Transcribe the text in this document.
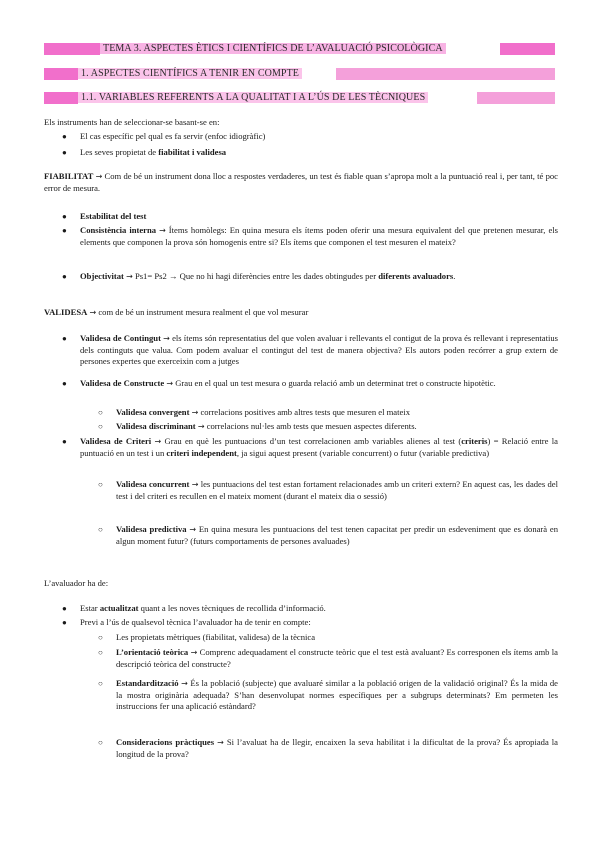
TEMA 3. ASPECTES ÈTICS I CIENTÍFICS DE L’AVALUACIÓ PSICOLÒGICA
1. ASPECTES CIENTÍFICS A TENIR EN COMPTE
1.1. VARIABLES REFERENTS A LA QUALITAT I A L’ÚS DE LES TÈCNIQUES
Els instruments han de seleccionar-se basant-se en:
● El cas específic pel qual es fa servir (enfoc idiogràfic)
● Les seves propietat de fiabilitat i validesa
FIABILITAT → Com de bé un instrument dona lloc a respostes verdaderes, un test és fiable quan s’apropa molt a la puntuació real i, per tant, té poc error de mesura.
● Estabilitat del test
● Consistència interna → Ítems homòlegs: En quina mesura els ítems poden oferir una mesura equivalent del que pretenen mesurar, els elements que componen la prova són homogenis entre si? Els ítems que componen el test mesuren el mateix?
● Objectivitat → Ps1= Ps2 → Que no hi hagi diferències entre les dades obtingudes per diferents avaluadors.
VALIDESA → com de bé un instrument mesura realment el que vol mesurar
● Validesa de Contingut → els ítems són representatius del que volen avaluar i rellevants el contigut de la prova és rellevant i representatius dels continguts que valua. Com podem avaluar el contingut del test de manera objectiva? Els autors poden recórrer a grup extern de persones expertes que exerceixin com a jutges
● Validesa de Constructe → Grau en el qual un test mesura o guarda relació amb un determinat tret o constructe hipotètic.
○ Validesa convergent → correlacions positives amb altres tests que mesuren el mateix
○ Validesa discriminant → correlacions nul·les amb tests que mesuen aspectes diferents.
● Validesa de Criteri → Grau en què les puntuacions d’un test correlacionen amb variables alienes al test (criteris) = Relació entre la puntuació en un test i un criteri independent, ja sigui aquest present (variable concurrent) o futur (variable predictiva)
○ Validesa concurrent → les puntuacions del test estan fortament relacionades amb un criteri extern? En aquest cas, les dades del test i del criteri es recullen en el mateix moment (durant el mateix dia o sessió)
○ Validesa predictiva → En quina mesura les puntuacions del test tenen capacitat per predir un esdeveniment que es donarà en algun moment futur? (futurs comportaments de persones avaluades)
L’avaluador ha de:
● Estar actualitzat quant a les noves tècniques de recollida d’informació.
● Previ a l’ús de qualsevol tècnica l’avaluador ha de tenir en compte:
○ Les propietats mètriques (fiabilitat, validesa) de la tècnica
○ L’orientació teòrica → Comprenc adequadament el constructe teòric que el test està avaluant? Es corresponen els ítems amb la descripció teòrica del constructe?
○ Estandardització → És la població (subjecte) que avaluaré similar a la població origen de la validació original? És la mida de la mostra originària adequada? S’han desenvolupat normes específiques per a subgrups determinats? Em permeten les instruccions fer una aplicació estàndard?
○ Consideracions pràctiques → Si l’avaluat ha de llegir, encaixen la seva habilitat i la dificultat de la prova? És apropiada la longitud de la prova?
